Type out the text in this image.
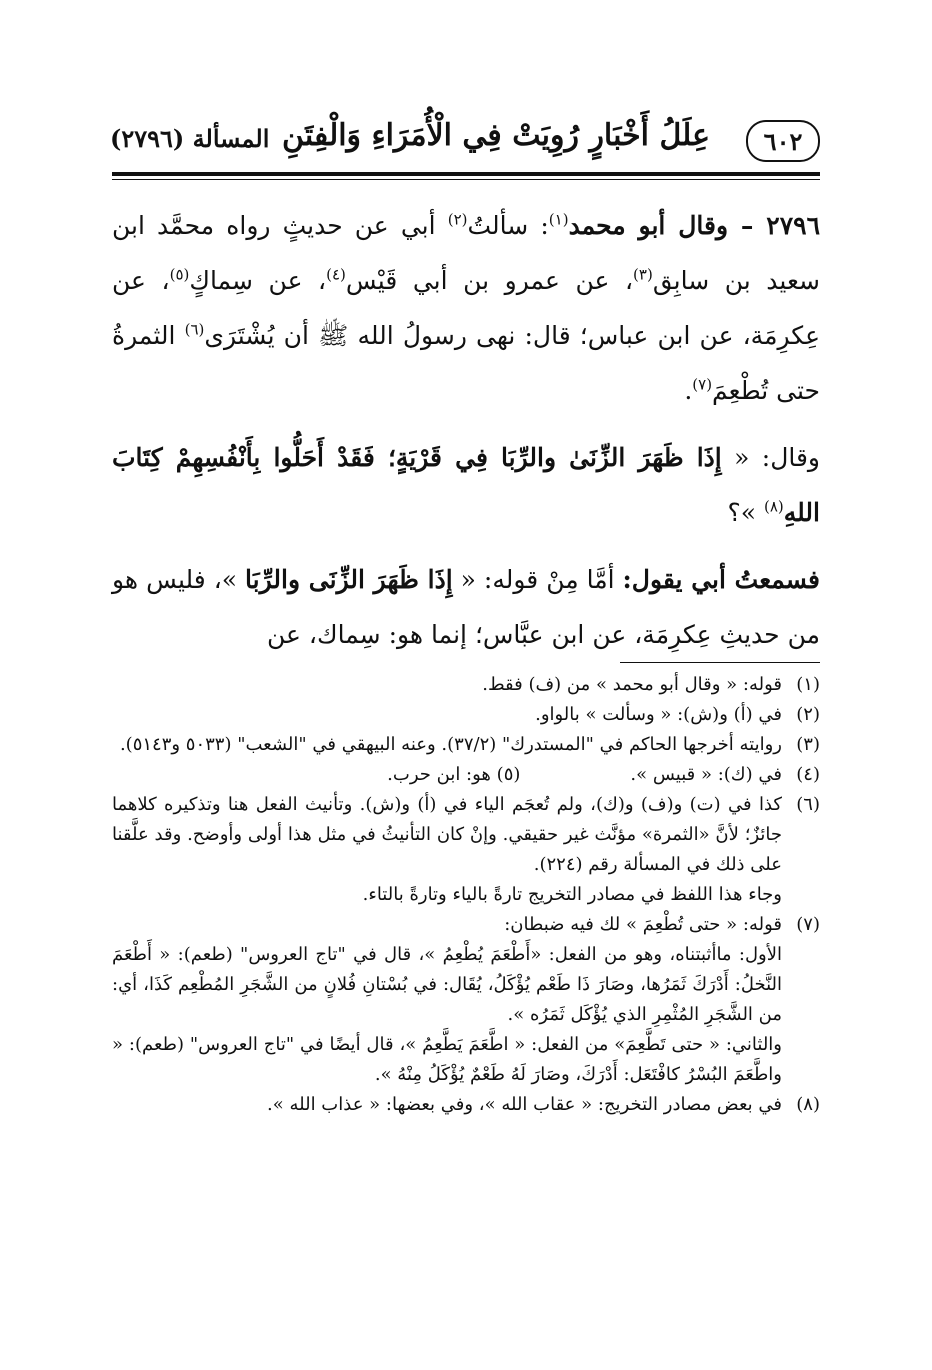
٦٠٢
عِلَلُ أَخْبَارٍ رُوِيَتْ فِي الْأُمَرَاءِ وَالْفِتَنِ
المسألة (٢٧٩٦)

٢٧٩٦ – وقال أبو محمد$^{(١)}$: سألتُ$^{(٢)}$ أبي عن حديثٍ رواه محمَّد ابن سعيد بن سابِق$^{(٣)}$، عن عمرو بن أبي قَيْس$^{(٤)}$، عن سِماكٍ$^{(٥)}$، عن عِكرِمَة، عن ابن عباس؛ قال: نهى رسولُ الله ﷺ أن يُشْتَرَى$^{(٦)}$ الثمرةُ حتى تُطْعِمَ$^{(٧)}$.

وقال: « إِذَا ظَهَرَ الزِّنَىٰ والرِّبَا فِي قَرْيَةٍ؛ فَقَدْ أَحَلُّوا بِأَنْفُسِهِمْ كِتَابَ اللهِ$^{(٨)}$ »؟

فسمعتُ أبي يقول: أمَّا مِنْ قوله: « إِذَا ظَهَرَ الزِّنَى والرِّبَا »، فليس هو من حديثِ عِكرِمَة، عن ابن عبَّاس؛ إنما هو: سِماك، عن

(١)
قوله: « وقال أبو محمد » من (ف) فقط.
(٢)
في (أ) و(ش): « وسألت » بالواو.
(٣)
روايته أخرجها الحاكم في "المستدرك" (٣٧/٢). وعنه البيهقي في "الشعب" (٥٠٣٣ و٥١٤٣).
(٤)
في (ك): « قبيس ».(٥) هو: ابن حرب.
(٦)
كذا في (ت) و(ف) و(ك)، ولم تُعجَم الياء في (أ) و(ش). وتأنيث الفعل هنا وتذكيره كلاهما جائزٌ؛ لأنَّ «الثمرة» مؤنَّث غير حقيقي. وإنْ كان التأنيثُ في مثل هذا أولى وأوضح. وقد علَّقنا على ذلك في المسألة رقم (٢٢٤).
وجاء هذا اللفظ في مصادر التخريج تارةً بالياء وتارةً بالتاء.
(٧)
قوله: « حتى تُطْعِمَ » لك فيه ضبطان:
الأول: ماأثبتناه، وهو من الفعل: «أَطْعَمَ يُطْعِمُ »، قال في "تاج العروس" (طعم): « أَطْعَمَ النَّخلُ: أَدْرَكَ ثَمَرُها، وصَارَ ذَا طَعْم يُؤْكَلُ، يُقَال: في بُسْتانِ فُلانٍ من الشَّجَرِ المُطْعِم كَذَا، أي: من الشَّجَرِ المُثْمِرِ الذي يُؤْكَل ثَمَرُه ».
والثاني: « حتى تَطَّعِمَ» من الفعل: « اطَّعَمَ يَطَّعِمُ »، قال أيضًا في "تاج العروس" (طعم): « واطَّعَمَ البُسْرُ كافْتَعَل: أَدْرَكَ، وصَارَ لَهُ طَعْمٌ يُؤْكَلُ مِنْهُ ».
(٨)
في بعض مصادر التخريج: « عقاب الله »، وفي بعضها: « عذاب الله ».
